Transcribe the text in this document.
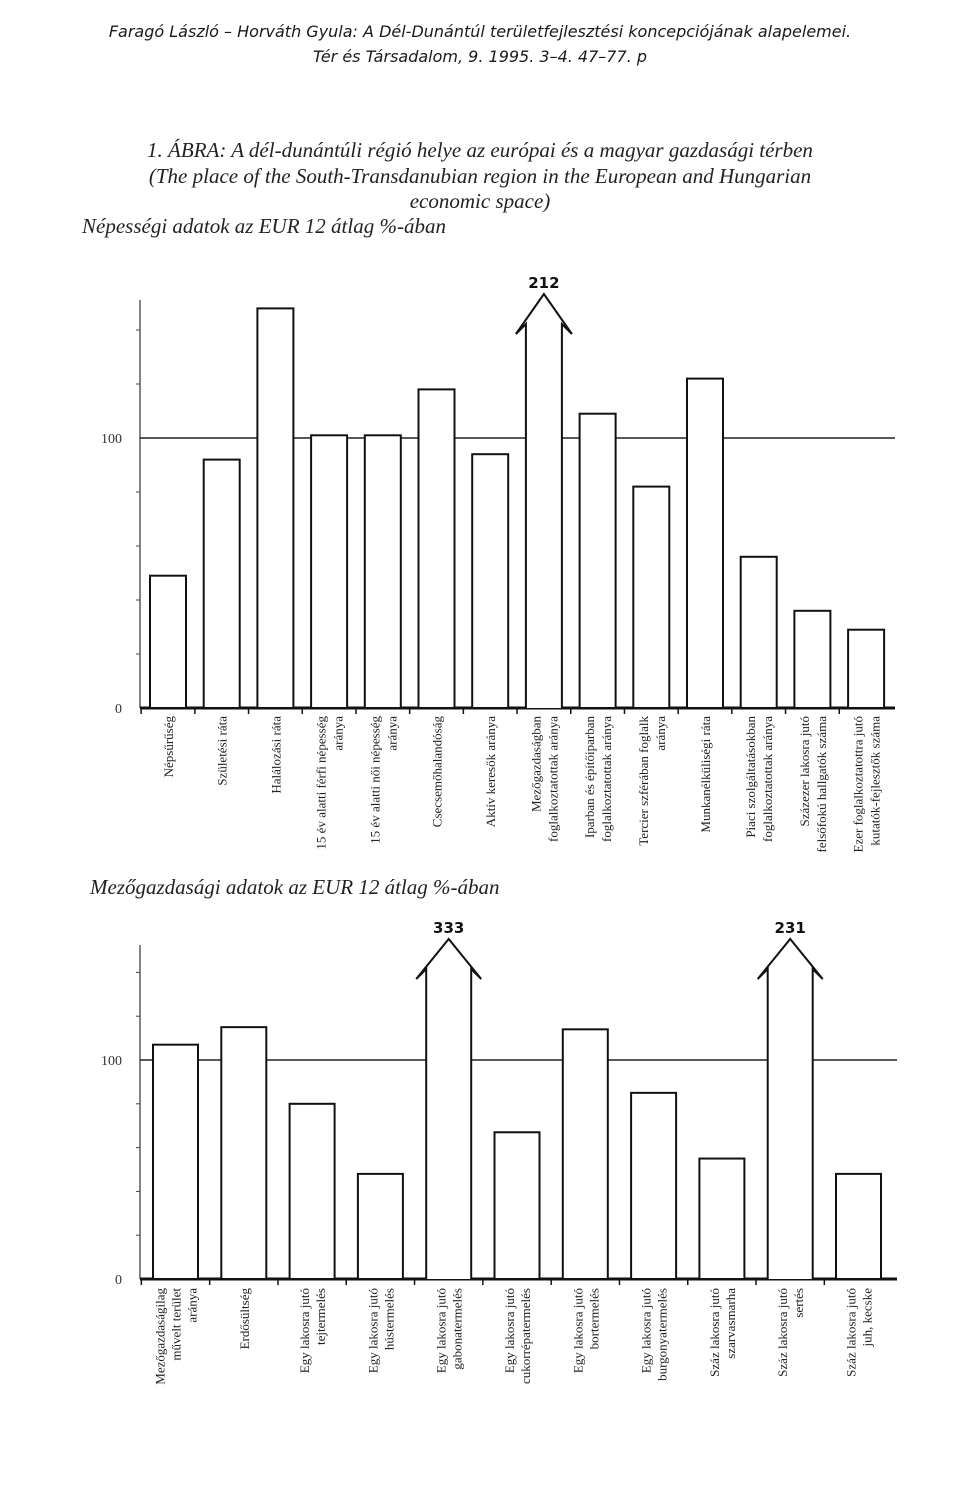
Faragó László – Horváth Gyula: A Dél-Dunántúl területfejlesztési koncepciójának alapelemei.
Tér és Társadalom, 9. 1995. 3–4. 47–77. p
1. ÁBRA: A dél-dunántúli régió helye az európai és a magyar gazdasági térben
(The place of the South-Transdanubian region in the European and Hungarian
economic space)
Népességi adatok az EUR 12 átlag %-ában
Mezőgazdasági adatok az EUR 12 átlag %-ában
0
100
Népsűrűség	Születési ráta	Halálozási ráta 15 év alatti férfi népesség aránya 15 év alatti női népesség aránya Csecsemőhalandóság	Aktív keresők aránya
212
Mezőgazdaságban foglalkoztatottak aránya Iparban és építőiparban foglalkoztatottak aránya Tercier szférában foglalk aránya Munkanélküliségi ráta Piaci szolgáltatásokban foglalkoztatottak aránya Százezer lakosra jutó felsőfokú hallgatók száma Ezer foglalkoztatottra jutó kutatók-fejlesztők száma
0
100
Mezőgazdaságilag művelt terület aránya	Erdősültség	Egy lakosra jutó tejtermelés	Egy lakosra jutó hústermelés
333
Egy lakosra jutó gabonatermelés	Egy lakosra jutó cukorrépatermelés	Egy lakosra jutó bortermelés	Egy lakosra jutó burgonyatermelés	Száz lakosra jutó szarvasmarha
231
Száz lakosra jutó sertés	Száz lakosra jutó juh, kecske
